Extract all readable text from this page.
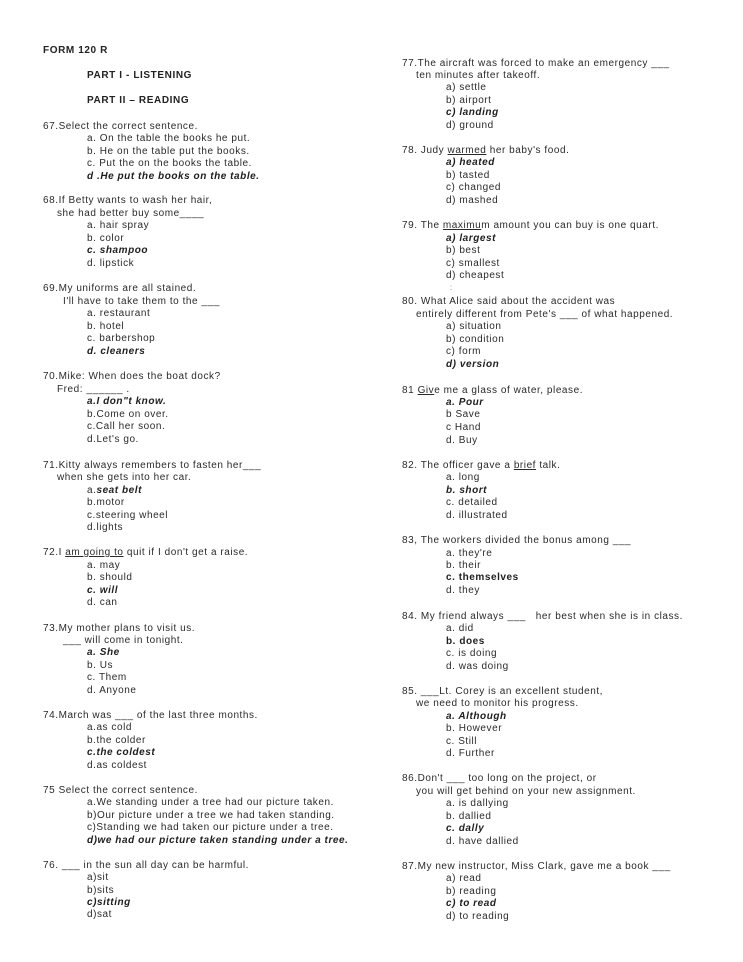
FORM 120 R
PART I - LISTENING
PART II – READING
67.Select the correct sentence.
a. On the table the books he put.
b. He on the table put the books.
c. Put the on the books the table.
d .He put the books on the table.
68.If Betty wants to wash her hair,
she had better buy some____
a. hair spray
b. color
c. shampoo
d. lipstick
69.My uniforms are all stained.
I'll have to take them to the ___
a. restaurant
b. hotel
c. barbershop
d. cleaners
70.Mike: When does the boat dock?
Fred: ______ .
a.I don"t know.
b.Come on over.
c.Call her soon.
d.Let's go.
71.Kitty always remembers to fasten her___
when she gets into her car.
a.seat belt
b.motor
c.steering wheel
d.lights
72.I am going to quit if I don't get a raise.
a. may
b. should
c. will
d. can
73.My mother plans to visit us.
___ will come in tonight.
a. She
b. Us
c. Them
d. Anyone
74.March was ___ of the last three months.
a.as cold
b.the colder
c.the coldest
d.as coldest
75 Select the correct sentence.
a.We standing under a tree had our picture taken.
b)Our picture under a tree we had taken standing.
c)Standing we had taken our picture under a tree.
d)we had our picture taken standing under a tree.
76. ___ in the sun all day can be harmful.
a)sit
b)sits
c)sitting
d)sat
77.The aircraft was forced to make an emergency ___
ten minutes after takeoff.
a) settle
b) airport
c) landing
d) ground
78. Judy warmed her baby's food.
a) heated
b) tasted
c) changed
d) mashed
79. The maximum amount you can buy is one quart.
a) largest
b) best
c) smallest
d) cheapest
:
80. What Alice said about the accident was
entirely different from Pete's ___ of what happened.
a) situation
b) condition
c) form
d) version
81 Give me a glass of water, please.
a. Pour
b Save
c Hand
d. Buy
82. The officer gave a brief talk.
a. long
b. short
c. detailed
d. illustrated
83, The workers divided the bonus among ___
a. they're
b. their
c. themselves
d. they
84. My friend always ___   her best when she is in class.
a. did
b. does
c. is doing
d. was doing
85. ___Lt. Corey is an excellent student,
we need to monitor his progress.
a. Although
b. However
c. Still
d. Further
86.Don't ___ too long on the project, or
you will get behind on your new assignment.
a. is dallying
b. dallied
c. dally
d. have dallied
87.My new instructor, Miss Clark, gave me a book ___
a) read
b) reading
c) to read
d) to reading
